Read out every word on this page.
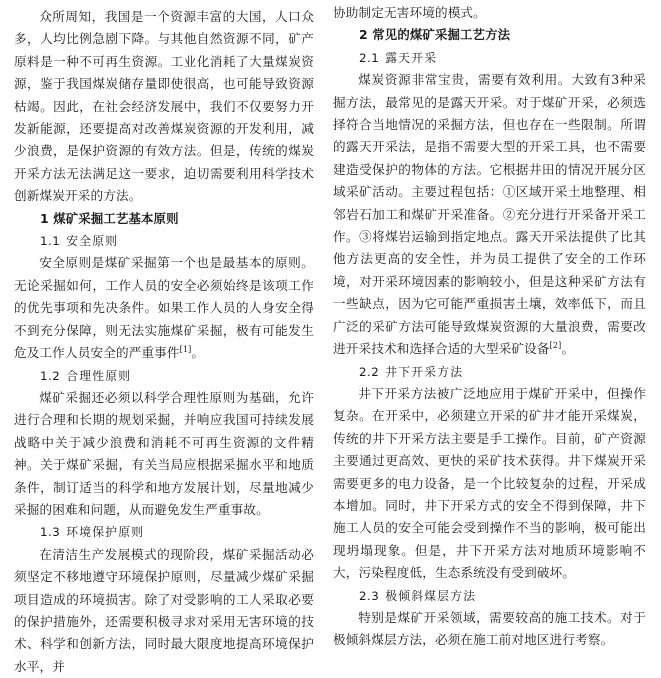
众所周知，我国是一个资源丰富的大国，人口众多，人均比例急剧下降。与其他自然资源不同，矿产原料是一种不可再生资源。工业化消耗了大量煤炭资源，鉴于我国煤炭储存量即使很高，也可能导致资源枯竭。因此，在社会经济发展中，我们不仅要努力开发新能源，还要提高对改善煤炭资源的开发利用，减少浪费，是保护资源的有效方法。但是，传统的煤炭开采方法无法满足这一要求，迫切需要利用科学技术创新煤炭开采的方法。

1 煤矿采掘工艺基本原则

1.1 安全原则

安全原则是煤矿采掘第一个也是最基本的原则。无论采掘如何，工作人员的安全必须始终是该项工作的优先事项和先决条件。如果工作人员的人身安全得不到充分保障，则无法实施煤矿采掘，极有可能发生危及工作人员安全的严重事件[1]。

1.2 合理性原则

煤矿采掘还必须以科学合理性原则为基础，允许进行合理和长期的规划采掘，并响应我国可持续发展战略中关于减少浪费和消耗不可再生资源的文件精神。关于煤矿采掘，有关当局应根据采掘水平和地质条件，制订适当的科学和地方发展计划，尽量地减少采掘的困难和问题，从而避免发生严重事故。

1.3 环境保护原则

在清洁生产发展模式的现阶段，煤矿采掘活动必须坚定不移地遵守环境保护原则，尽量减少煤矿采掘项目造成的环境损害。除了对受影响的工人采取必要的保护措施外，还需要积极寻求对采用无害环境的技术、科学和创新方法，同时最大限度地提高环境保护水平，并

协助制定无害环境的模式。

2 常见的煤矿采掘工艺方法

2.1 露天开采

煤炭资源非常宝贵，需要有效利用。大致有3种采掘方法，最常见的是露天开采。对于煤矿开采，必须选择符合当地情况的采掘方法，但也存在一些限制。所谓的露天开采法，是指不需要大型的开采工具，也不需要建造受保护的物体的方法。它根据井田的情况开展分区域采矿活动。主要过程包括：①区域开采土地整理、相邻岩石加工和煤矿开采准备。②充分进行开采备开采工作。③将煤岩运输到指定地点。露天开采法提供了比其他方法更高的安全性，并为员工提供了安全的工作环境，对开采环境因素的影响较小，但是这种采矿方法有一些缺点，因为它可能严重损害土壤，效率低下，而且广泛的采矿方法可能导致煤炭资源的大量浪费，需要改进开采技术和选择合适的大型采矿设备[2]。

2.2 井下开采方法

井下开采方法被广泛地应用于煤矿开采中，但操作复杂。在开采中，必须建立开采的矿井才能开采煤炭，传统的井下开采方法主要是手工操作。目前，矿产资源主要通过更高效、更快的采矿技术获得。井下煤炭开采需要更多的电力设备，是一个比较复杂的过程，开采成本增加。同时，井下开采方式的安全不得到保障，井下施工人员的安全可能会受到操作不当的影响，极可能出现坍塌现象。但是，井下开采方法对地质环境影响不大，污染程度低，生态系统没有受到破坏。

2.3 极倾斜煤层方法

特别是煤矿开采领域，需要较高的施工技术。对于极倾斜煤层方法，必须在施工前对地区进行考察。
